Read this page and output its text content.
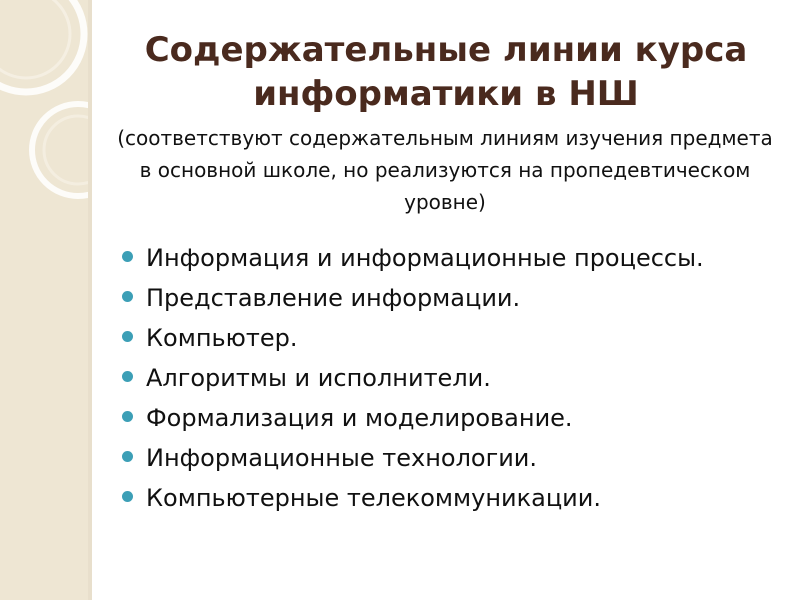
Содержательные линии курса информатики в НШ

(соответствуют содержательным линиям изучения предмета в основной школе, но реализуются на пропедевтическом уровне)

Информация и информационные процессы.
Представление информации.
Компьютер.
Алгоритмы и исполнители.
Формализация и моделирование.
Информационные технологии.
Компьютерные телекоммуникации.
